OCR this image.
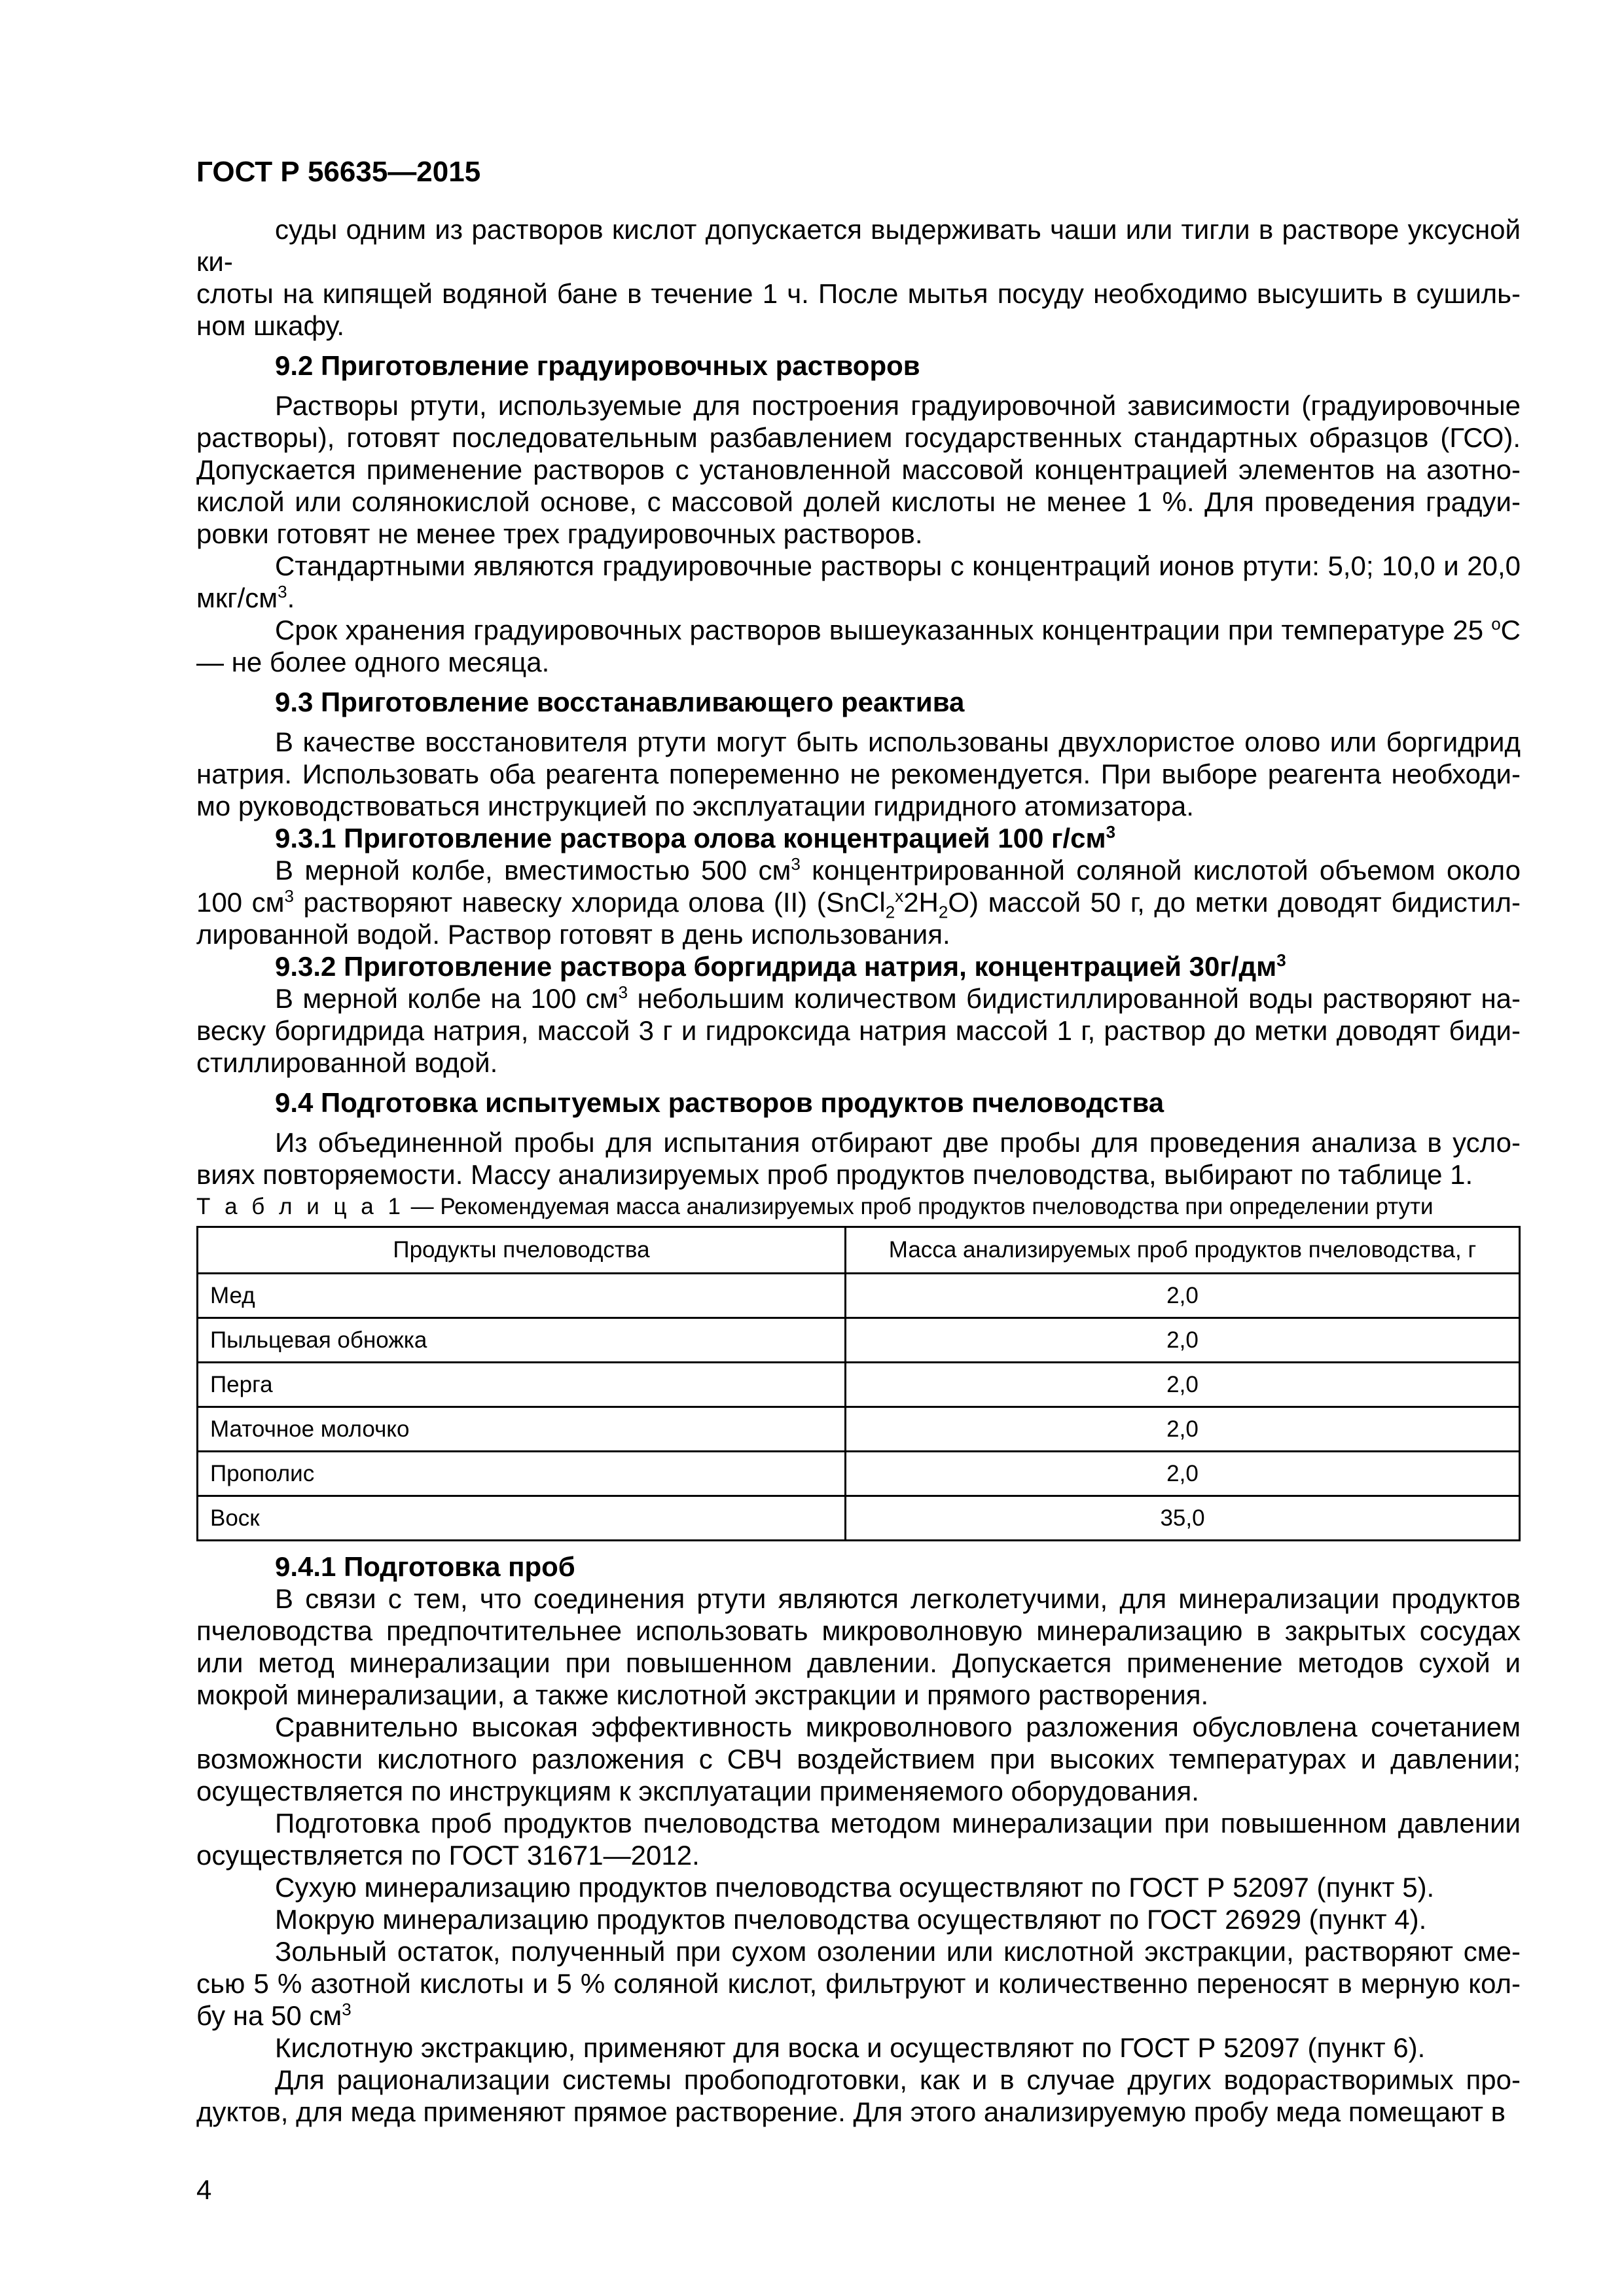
ГОСТ Р 56635—2015
суды одним из растворов кислот допускается выдерживать чаши или тигли в растворе уксусной ки-
слоты на кипящей водяной бане в течение 1 ч. После мытья посуду необходимо высушить в сушиль-
ном шкафу.
9.2 Приготовление градуировочных растворов
Растворы ртути, используемые для построения градуировочной зависимости (градуировочные
растворы), готовят последовательным разбавлением государственных стандартных образцов (ГСО).
Допускается применение растворов с установленной массовой концентрацией элементов на азотно-
кислой или солянокислой основе, с массовой долей кислоты не менее 1 %. Для проведения градуи-
ровки готовят не менее трех градуировочных растворов.
Стандартными являются градуировочные растворы с концентраций ионов ртути: 5,0; 10,0 и 20,0
мкг/$см^3$.
Срок хранения градуировочных растворов вышеуказанных концентрации при температуре 25 $^o$С
— не более одного месяца.
9.3 Приготовление восстанавливающего реактива
В качестве восстановителя ртути могут быть использованы двухлористое олово или боргидрид
натрия. Использовать оба реагента попеременно не рекомендуется. При выборе реагента необходи-
мо руководствоваться инструкцией по эксплуатации гидридного атомизатора.
9.3.1 Приготовление раствора олова концентрацией 100 $г/см^3$
В мерной колбе, вместимостью 500 $см^3$ концентрированной соляной кислотой объемом около
100 $см^3$ растворяют навеску хлорида олова (II) $(SnCl_2^x2H_2O)$ массой 50 г, до метки доводят бидистил-
лированной водой. Раствор готовят в день использования.
9.3.2 Приготовление раствора боргидрида натрия, концентрацией $30г/дм^3$
В мерной колбе на 100 $см^3$ небольшим количеством бидистиллированной воды растворяют на-
веску боргидрида натрия, массой 3 г и гидроксида натрия массой 1 г, раствор до метки доводят биди-
стиллированной водой.
9.4 Подготовка испытуемых растворов продуктов пчеловодства
Из объединенной пробы для испытания отбирают две пробы для проведения анализа в усло-
виях повторяемости. Массу анализируемых проб продуктов пчеловодства, выбирают по таблице 1.
Т а б л и ц а 1 — Рекомендуемая масса анализируемых проб продуктов пчеловодства при определении ртути
Продукты пчеловодства	Масса анализируемых проб продуктов пчеловодства, г
Мед	2,0
Пыльцевая обножка	2,0
Перга	2,0
Маточное молочко	2,0
Прополис	2,0
Воск	35,0
9.4.1 Подготовка проб
В связи с тем, что соединения ртути являются легколетучими, для минерализации продуктов
пчеловодства предпочтительнее использовать микроволновую минерализацию в закрытых сосудах
или метод минерализации при повышенном давлении. Допускается применение методов сухой и
мокрой минерализации, а также кислотной экстракции и прямого растворения.
Сравнительно высокая эффективность микроволнового разложения обусловлена сочетанием
возможности кислотного разложения с СВЧ воздействием при высоких температурах и давлении;
осуществляется по инструкциям к эксплуатации применяемого оборудования.
Подготовка проб продуктов пчеловодства методом минерализации при повышенном давлении
осуществляется по ГОСТ 31671—2012.
Сухую минерализацию продуктов пчеловодства осуществляют по ГОСТ Р 52097 (пункт 5).
Мокрую минерализацию продуктов пчеловодства осуществляют по ГОСТ 26929 (пункт 4).
Зольный остаток, полученный при сухом озолении или кислотной экстракции, растворяют сме-
сью 5 % азотной кислоты и 5 % соляной кислот, фильтруют и количественно переносят в мерную кол-
бу на 50 $см^3$
Кислотную экстракцию, применяют для воска и осуществляют по ГОСТ Р 52097 (пункт 6).
Для рационализации системы пробоподготовки, как и в случае других водорастворимых про-
дуктов, для меда применяют прямое растворение. Для этого анализируемую пробу меда помещают в
4
